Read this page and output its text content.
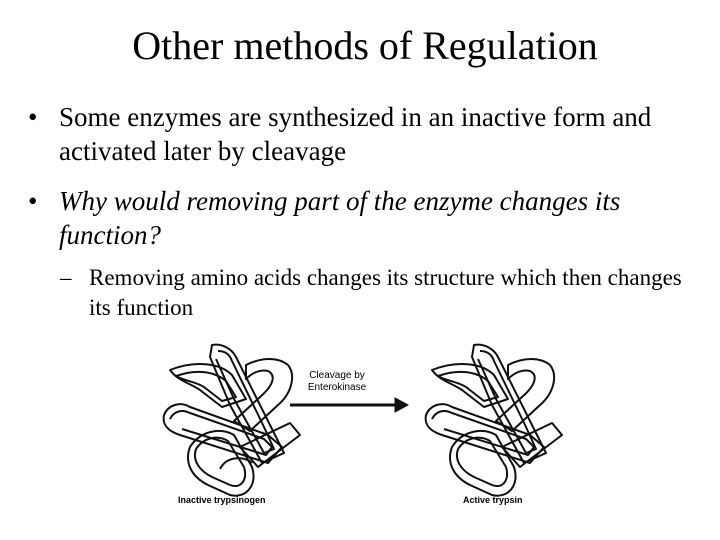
Other methods of Regulation
• Some enzymes are synthesized in an inactive form and activated later by cleavage
• Why would removing part of the enzyme changes its function?
– Removing amino acids changes its structure which then changes its function
Cleavage by
Enterokinase
Inactive trypsinogen	Active trypsin
